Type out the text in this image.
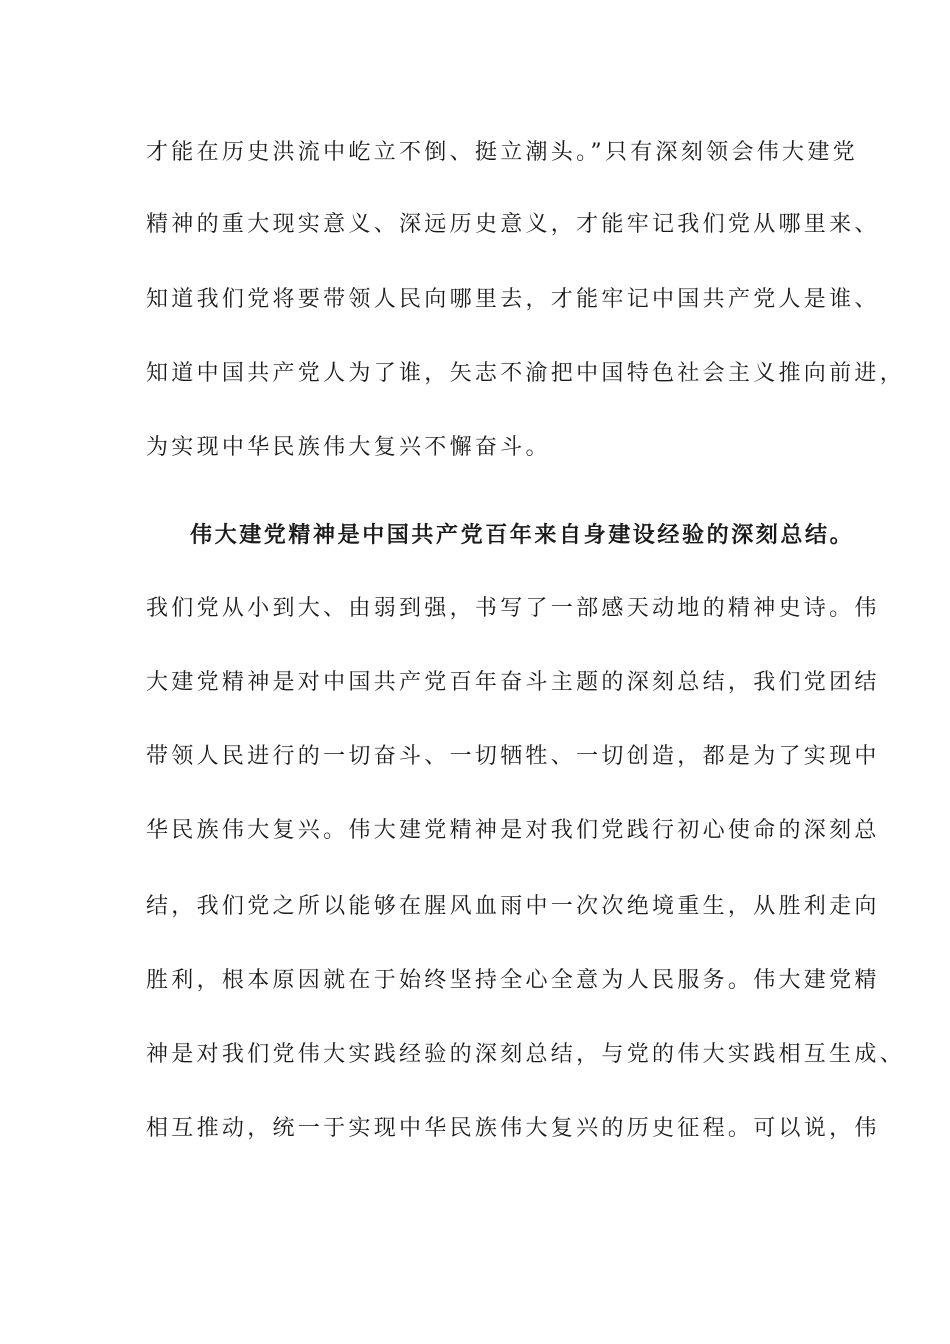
才能在历史洪流中屹立不倒、挺立潮头。”只有深刻领会伟大建党
精神的重大现实意义、深远历史意义，才能牢记我们党从哪里来、
知道我们党将要带领人民向哪里去，才能牢记中国共产党人是谁、
知道中国共产党人为了谁，矢志不渝把中国特色社会主义推向前进，
为实现中华民族伟大复兴不懈奋斗。
伟大建党精神是中国共产党百年来自身建设经验的深刻总结。
我们党从小到大、由弱到强，书写了一部感天动地的精神史诗。伟
大建党精神是对中国共产党百年奋斗主题的深刻总结，我们党团结
带领人民进行的一切奋斗、一切牺牲、一切创造，都是为了实现中
华民族伟大复兴。伟大建党精神是对我们党践行初心使命的深刻总
结，我们党之所以能够在腥风血雨中一次次绝境重生，从胜利走向
胜利，根本原因就在于始终坚持全心全意为人民服务。伟大建党精
神是对我们党伟大实践经验的深刻总结，与党的伟大实践相互生成、
相互推动，统一于实现中华民族伟大复兴的历史征程。可以说，伟
